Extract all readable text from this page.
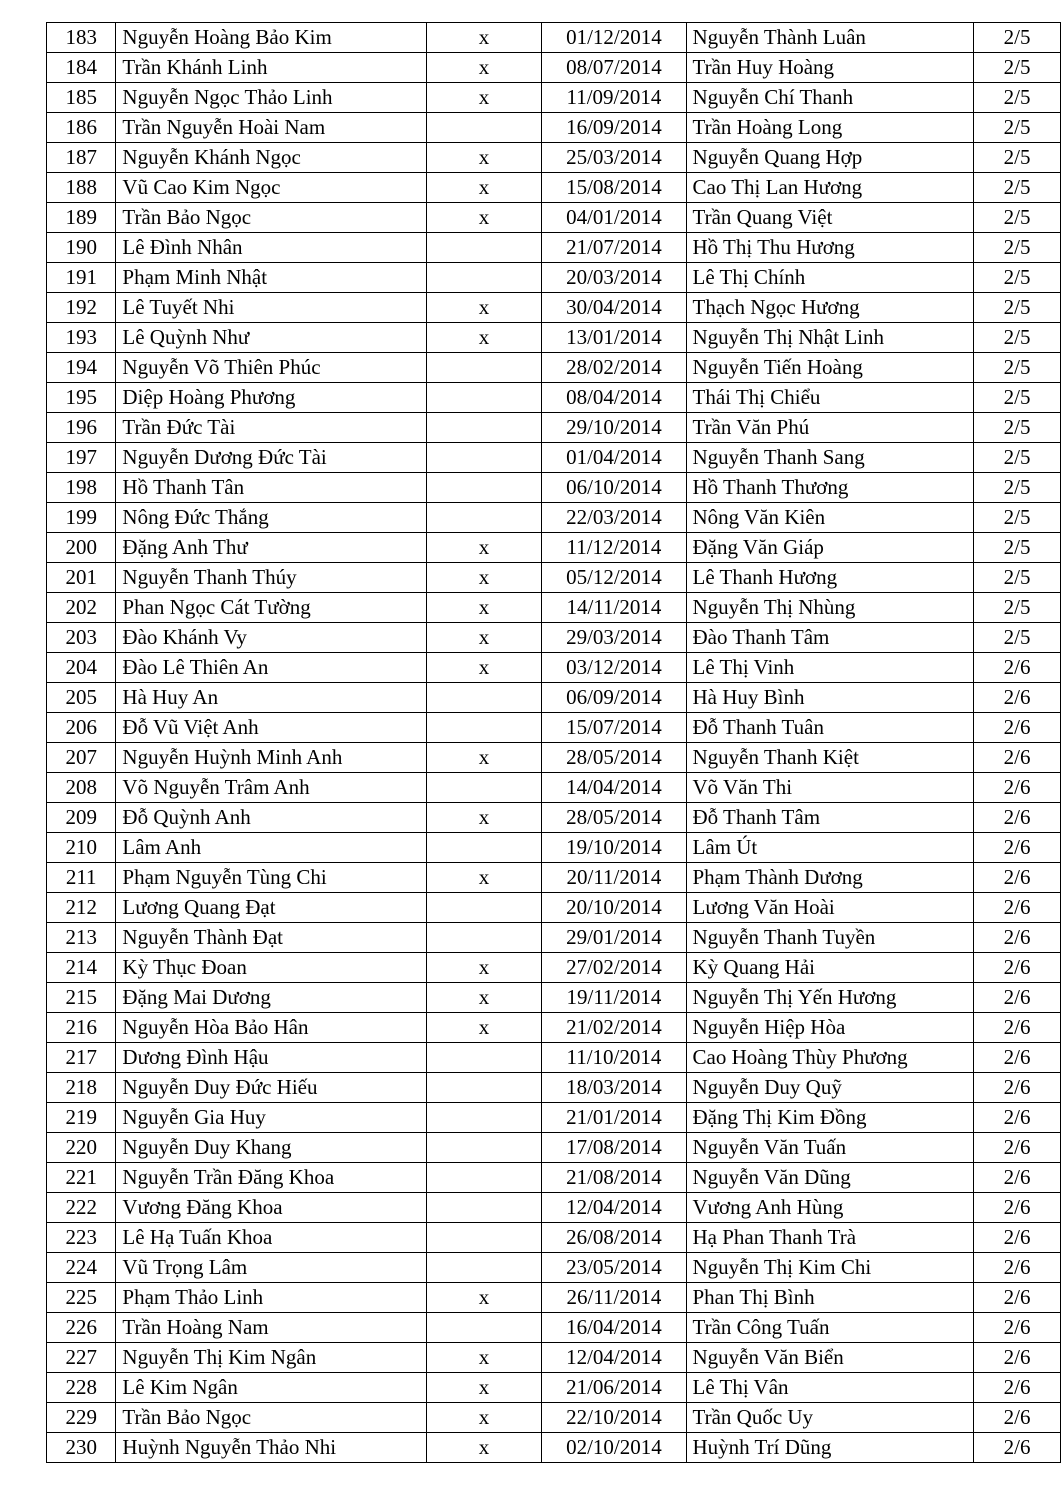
183	Nguyễn Hoàng Bảo Kim	x	01/12/2014	Nguyễn Thành Luân	2/5
184	Trần Khánh Linh	x	08/07/2014	Trần Huy Hoàng	2/5
185	Nguyễn Ngọc Thảo Linh	x	11/09/2014	Nguyễn Chí Thanh	2/5
186	Trần Nguyễn Hoài Nam		16/09/2014	Trần Hoàng Long	2/5
187	Nguyễn Khánh Ngọc	x	25/03/2014	Nguyễn Quang Hợp	2/5
188	Vũ Cao Kim Ngọc	x	15/08/2014	Cao Thị Lan Hương	2/5
189	Trần Bảo Ngọc	x	04/01/2014	Trần Quang Việt	2/5
190	Lê Đình Nhân		21/07/2014	Hồ Thị Thu Hương	2/5
191	Phạm Minh Nhật		20/03/2014	Lê Thị Chính	2/5
192	Lê Tuyết Nhi	x	30/04/2014	Thạch Ngọc Hương	2/5
193	Lê Quỳnh Như	x	13/01/2014	Nguyễn Thị Nhật Linh	2/5
194	Nguyễn Võ Thiên Phúc		28/02/2014	Nguyễn Tiến Hoàng	2/5
195	Diệp Hoàng Phương		08/04/2014	Thái Thị Chiểu	2/5
196	Trần Đức Tài		29/10/2014	Trần Văn Phú	2/5
197	Nguyễn Dương Đức Tài		01/04/2014	Nguyễn Thanh Sang	2/5
198	Hồ Thanh Tân		06/10/2014	Hồ Thanh Thương	2/5
199	Nông Đức Thắng		22/03/2014	Nông Văn Kiên	2/5
200	Đặng Anh Thư	x	11/12/2014	Đặng Văn Giáp	2/5
201	Nguyễn Thanh Thúy	x	05/12/2014	Lê Thanh Hương	2/5
202	Phan Ngọc Cát Tường	x	14/11/2014	Nguyễn Thị Nhùng	2/5
203	Đào Khánh Vy	x	29/03/2014	Đào Thanh Tâm	2/5
204	Đào Lê Thiên An	x	03/12/2014	Lê Thị Vinh	2/6
205	Hà Huy An		06/09/2014	Hà Huy Bình	2/6
206	Đỗ Vũ Việt Anh		15/07/2014	Đỗ Thanh Tuân	2/6
207	Nguyễn Huỳnh Minh Anh	x	28/05/2014	Nguyễn Thanh Kiệt	2/6
208	Võ Nguyễn Trâm Anh		14/04/2014	Võ Văn Thi	2/6
209	Đỗ Quỳnh Anh	x	28/05/2014	Đỗ Thanh Tâm	2/6
210	Lâm Anh		19/10/2014	Lâm Út	2/6
211	Phạm Nguyễn Tùng Chi	x	20/11/2014	Phạm Thành Dương	2/6
212	Lương Quang Đạt		20/10/2014	Lương Văn Hoài	2/6
213	Nguyễn Thành Đạt		29/01/2014	Nguyễn Thanh Tuyền	2/6
214	Kỳ Thục Đoan	x	27/02/2014	Kỳ Quang Hải	2/6
215	Đặng Mai Dương	x	19/11/2014	Nguyễn Thị Yến Hương	2/6
216	Nguyễn Hòa Bảo Hân	x	21/02/2014	Nguyễn Hiệp Hòa	2/6
217	Dương Đình Hậu		11/10/2014	Cao Hoàng Thùy Phương	2/6
218	Nguyễn Duy Đức Hiếu		18/03/2014	Nguyễn Duy Quỹ	2/6
219	Nguyễn Gia Huy		21/01/2014	Đặng Thị Kim Đồng	2/6
220	Nguyễn Duy Khang		17/08/2014	Nguyễn Văn Tuấn	2/6
221	Nguyễn Trần Đăng Khoa		21/08/2014	Nguyễn Văn Dũng	2/6
222	Vương Đăng Khoa		12/04/2014	Vương Anh Hùng	2/6
223	Lê Hạ Tuấn Khoa		26/08/2014	Hạ Phan Thanh Trà	2/6
224	Vũ Trọng Lâm		23/05/2014	Nguyễn Thị Kim Chi	2/6
225	Phạm Thảo Linh	x	26/11/2014	Phan Thị Bình	2/6
226	Trần Hoàng Nam		16/04/2014	Trần Công Tuấn	2/6
227	Nguyễn Thị Kim Ngân	x	12/04/2014	Nguyễn Văn Biển	2/6
228	Lê Kim Ngân	x	21/06/2014	Lê Thị Vân	2/6
229	Trần Bảo Ngọc	x	22/10/2014	Trần Quốc Uy	2/6
230	Huỳnh Nguyễn Thảo Nhi	x	02/10/2014	Huỳnh Trí Dũng	2/6
